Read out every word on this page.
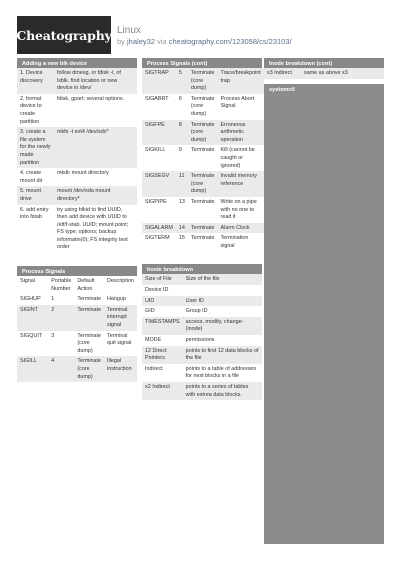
Cheatography Linux
by jhaley32 via cheatography.com/123058/cs/23103/
Adding a new blk device
1. Device discovery	follow dmesg, or fdisk -l, of lsblk. find location or new device in /dev/
2. format device to create partition	fdisk, gpart; several options.
3. create a file system for the newly made partition	mkfs -t ext4 /dev/sdx*
4. create mount dir	mkdir mount directory
5. mount drive	mount /dev/sda mount directory*
6. add entry into fstab	try using blkid to find UUID, then add device with UUID to /etf/f-stab. UUID; mount point; FS type; options; backup informatin(0); FS integrity test order
Process Signals
Signal	Portable Number	Default Action	Description
SIGHUP	1	Terminate	Hangup
SIGINT	2	Terminate	Terminal interrupt signal
SIGQUIT	3	Terminate (core dump)	Terminal quit signal
SIGILL	4	Terminate (core dump)	Illegal instruction
Process Signals (cont)
SIGTRAP	5	Terminate (core dump)	Trace/breakpoint trap
SIGABRT	6	Terminate (core dump)	Process Abort Signal
SIGFPE	8	Terminate (core dump)	Erroneous arithmetic operation
SIGKILL	9	Terminate	Kill (cannot be caught or ignored)
SIGSEGV	11	Terminate (core dump)	Invalid memory reference
SIGPIPE	13	Terminate	Write on a pipe with no one to read it
SIGALARM	14	Terminate	Alarm Clock
SIGTERM	15	Terminate	Termination signal
Inode breakdown
Size of File	Size of the file
Device ID	
UID	User ID
GID	Group ID
TIMESTAMPS	access, modify, change-(inode)
MODE	permissions
12 Direct Pointers	points to first 12 data blocks of the file
Indirect	points to a table of addresses for next blocks in a file
x2 Indirect	points to a series of tables with extrea data blocks.
Inode breakdown (cont)
x3 Indirect	same as above x3
systemctl
